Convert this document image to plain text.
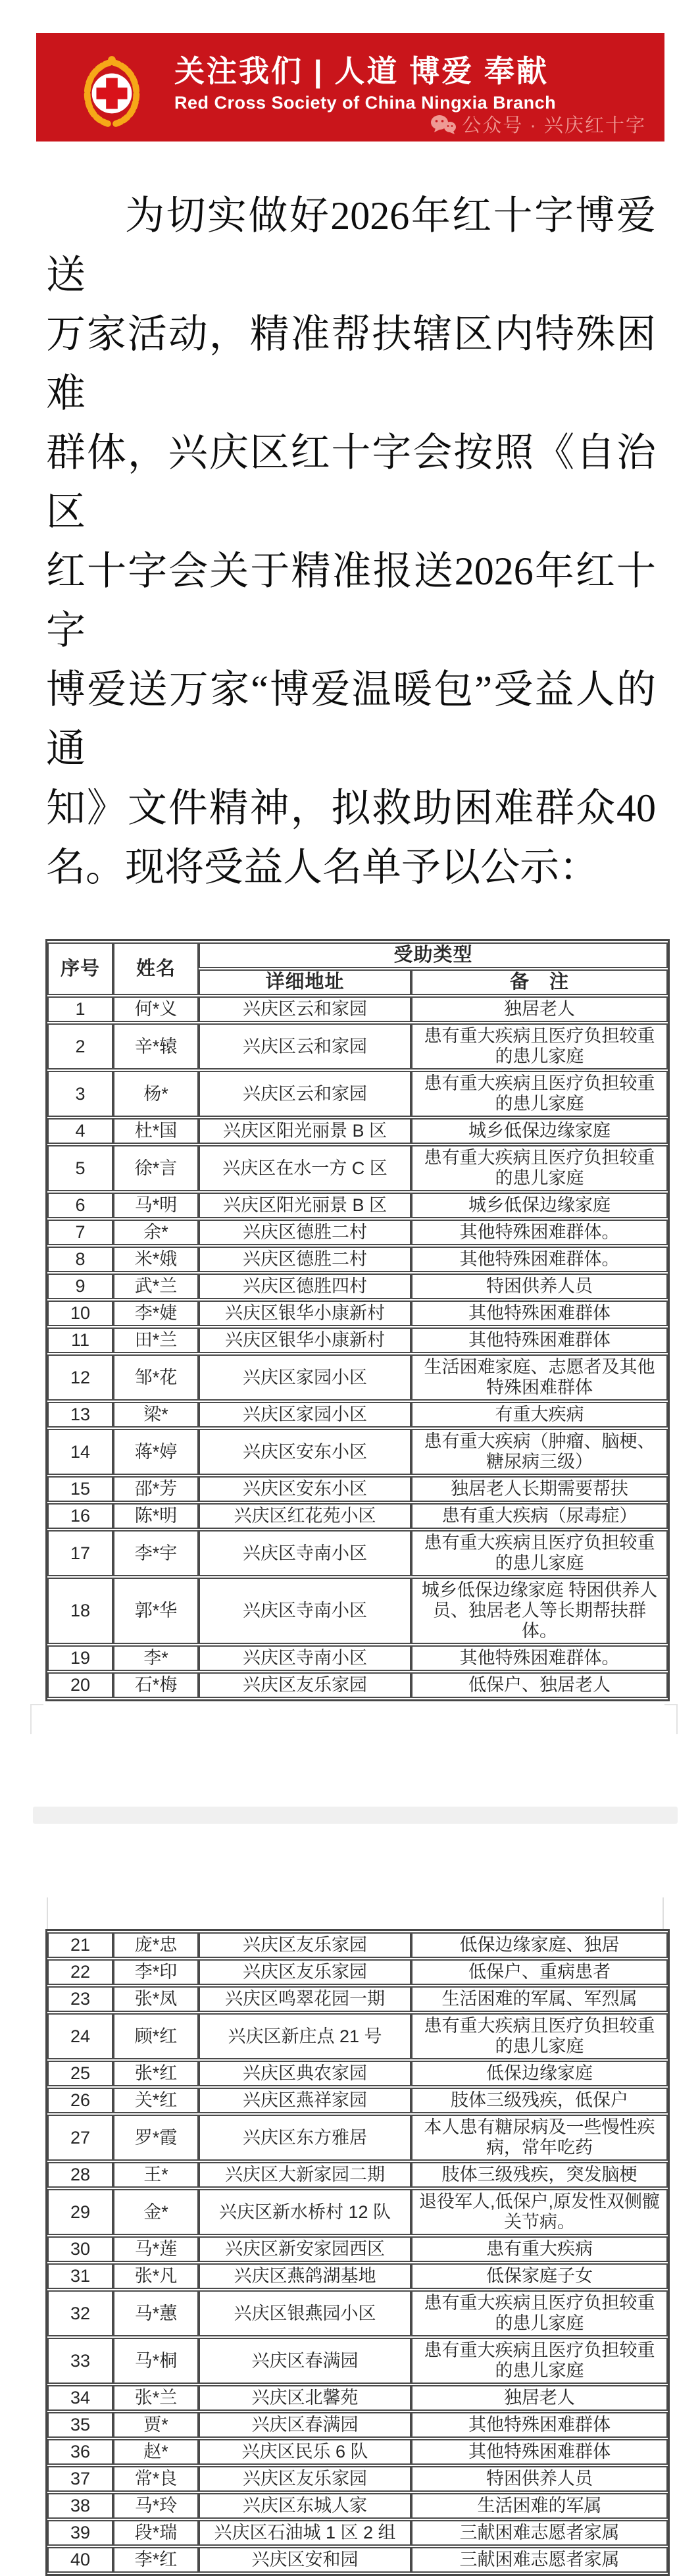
关注我们 | 人道 博爱 奉献
Red Cross Society of China Ningxia Branch
公众号 · 兴庆红十字
为切实做好2026年红十字博爱送
万家活动，精准帮扶辖区内特殊困难
群体，兴庆区红十字会按照《自治区
红十字会关于精准报送2026年红十字
博爱送万家“博爱温暖包”受益人的通
知》文件精神，拟救助困难群众40
名。现将受益人名单予以公示：
序号	姓名	受助类型	
		详细地址	备　注
1	何*义	兴庆区云和家园	独居老人
2	辛*辕	兴庆区云和家园	患有重大疾病且医疗负担较重的患儿家庭
3	杨*	兴庆区云和家园	患有重大疾病且医疗负担较重的患儿家庭
4	杜*国	兴庆区阳光丽景 B 区	城乡低保边缘家庭
5	徐*言	兴庆区在水一方 C 区	患有重大疾病且医疗负担较重的患儿家庭
6	马*明	兴庆区阳光丽景 B 区	城乡低保边缘家庭
7	余*	兴庆区德胜二村	其他特殊困难群体。
8	米*娥	兴庆区德胜二村	其他特殊困难群体。
9	武*兰	兴庆区德胜四村	特困供养人员
10	李*婕	兴庆区银华小康新村	其他特殊困难群体
11	田*兰	兴庆区银华小康新村	其他特殊困难群体
12	邹*花	兴庆区家园小区	生活困难家庭、志愿者及其他特殊困难群体
13	梁*	兴庆区家园小区	有重大疾病
14	蒋*婷	兴庆区安东小区	患有重大疾病（肿瘤、脑梗、糖尿病三级）
15	邵*芳	兴庆区安东小区	独居老人长期需要帮扶
16	陈*明	兴庆区红花苑小区	患有重大疾病（尿毒症）
17	李*宇	兴庆区寺南小区	患有重大疾病且医疗负担较重的患儿家庭
18	郭*华	兴庆区寺南小区	城乡低保边缘家庭 特困供养人员、独居老人等长期帮扶群体。
19	李*	兴庆区寺南小区	其他特殊困难群体。
20	石*梅	兴庆区友乐家园	低保户、独居老人
21	庞*忠	兴庆区友乐家园	低保边缘家庭、独居
22	李*印	兴庆区友乐家园	低保户、重病患者
23	张*凤	兴庆区鸣翠花园一期	生活困难的军属、军烈属
24	顾*红	兴庆区新庄点 21 号	患有重大疾病且医疗负担较重的患儿家庭
25	张*红	兴庆区典农家园	低保边缘家庭
26	关*红	兴庆区燕祥家园	肢体三级残疾，低保户
27	罗*霞	兴庆区东方雅居	本人患有糖尿病及一些慢性疾病，常年吃药
28	王*	兴庆区大新家园二期	肢体三级残疾，突发脑梗
29	金*	兴庆区新水桥村 12 队	退役军人,低保户,原发性双侧髋关节病。
30	马*莲	兴庆区新安家园西区	患有重大疾病
31	张*凡	兴庆区燕鸽湖基地	低保家庭子女
32	马*蕙	兴庆区银燕园小区	患有重大疾病且医疗负担较重的患儿家庭
33	马*桐	兴庆区春满园	患有重大疾病且医疗负担较重的患儿家庭
34	张*兰	兴庆区北馨苑	独居老人
35	贾*	兴庆区春满园	其他特殊困难群体
36	赵*	兴庆区民乐 6 队	其他特殊困难群体
37	常*良	兴庆区友乐家园	特困供养人员
38	马*玲	兴庆区东城人家	生活困难的军属
39	段*瑞	兴庆区石油城 1 区 2 组	三献困难志愿者家属
40	李*红	兴庆区安和园	三献困难志愿者家属
